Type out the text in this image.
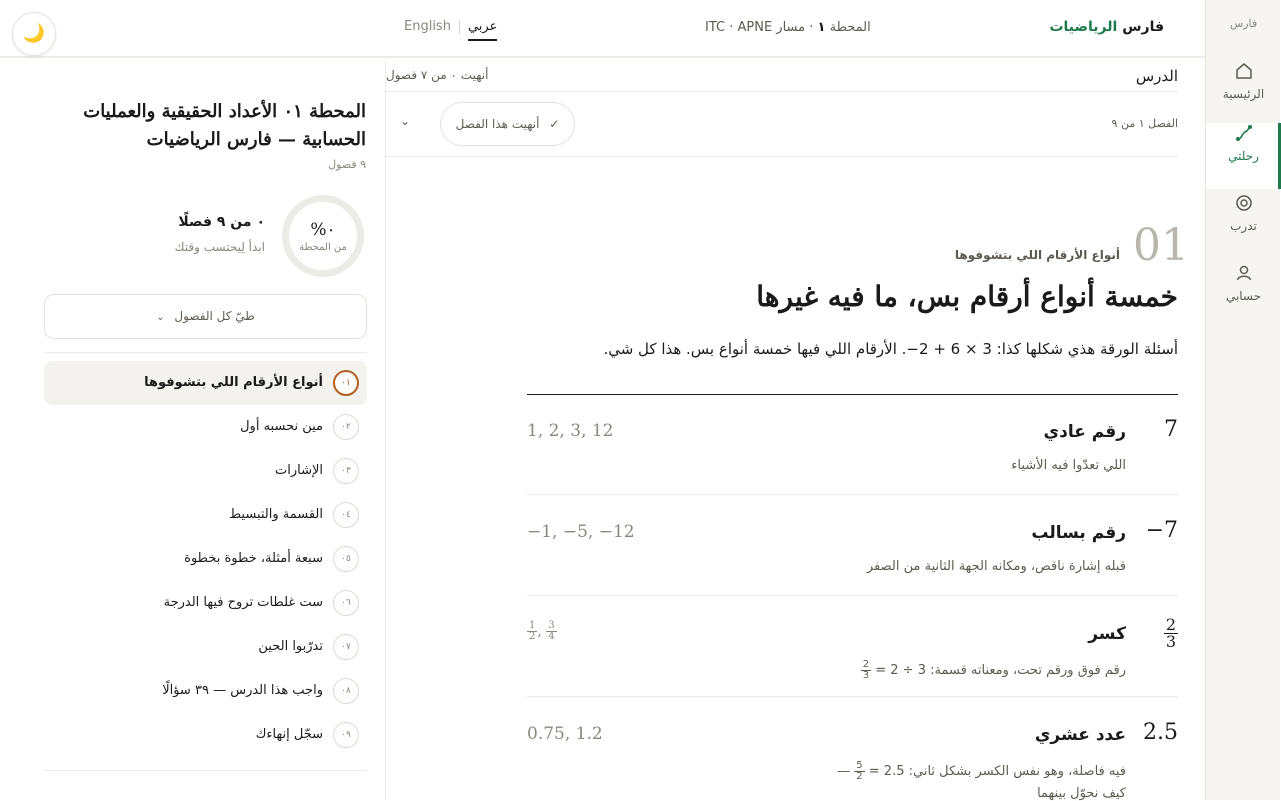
فارس
الرئيسية
رحلتي
تدرب
حسابي
فارس الرياضيات
المحطة ١ · مسار ITC · APNE
English عربي
🌙
المحطة ٠١ الأعداد الحقيقية والعمليات الحسابية — فارس الرياضيات
٩ فصول
٠%
من المحطة
٠ من ٩ فصلًا
ابدأ لِيحتسب وقتك
طيّ كل الفصول ⌄
٠١
أنواع الأرقام اللي بتشوفوها
٠٢
مين نحسبه أول
٠٣
الإشارات
٠٤
القسمة والتبسيط
٠٥
سبعة أمثلة، خطوة بخطوة
٠٦
ست غلطات تروح فيها الدرجة
٠٧
تدرّبوا الحين
٠٨
واجب هذا الدرس — ٣٩ سؤالًا
٠٩
سجّل إنهاءك
الدرس
أنهيت ٠ من ٧ فصول
الفصل ١ من ٩
✓ أنهيت هذا الفصل
⌄
01
أنواع الأرقام اللي بتشوفوها
خمسة أنواع أرقام بس، ما فيه غيرها

أسئلة الورقة هذي شكلها كذا: 3 × 6 + 2−. الأرقام اللي فيها خمسة أنواع بس. هذا كل شي.

7
رقم عادي
اللي تعدّوا فيه الأشياء
1, 2, 3, 12
−7
رقم بسالب
قبله إشارة ناقص، ومكانه الجهة الثانية من الصفر
−1, −5, −12
$\frac{2}{3}$
كسر
رقم فوق ورقم تحت، ومعناته قسمة: 3 ÷ 2 =
$\frac{2}{3}$
$\frac{1}{2}$ , $\frac{3}{4}$
2.5
عدد عشري
فيه فاصلة، وهو نفس الكسر بشكل ثاني: 2.5 =
$\frac{5}{2}$
—
كيف نحوّل بينهما
0.75, 1.2
